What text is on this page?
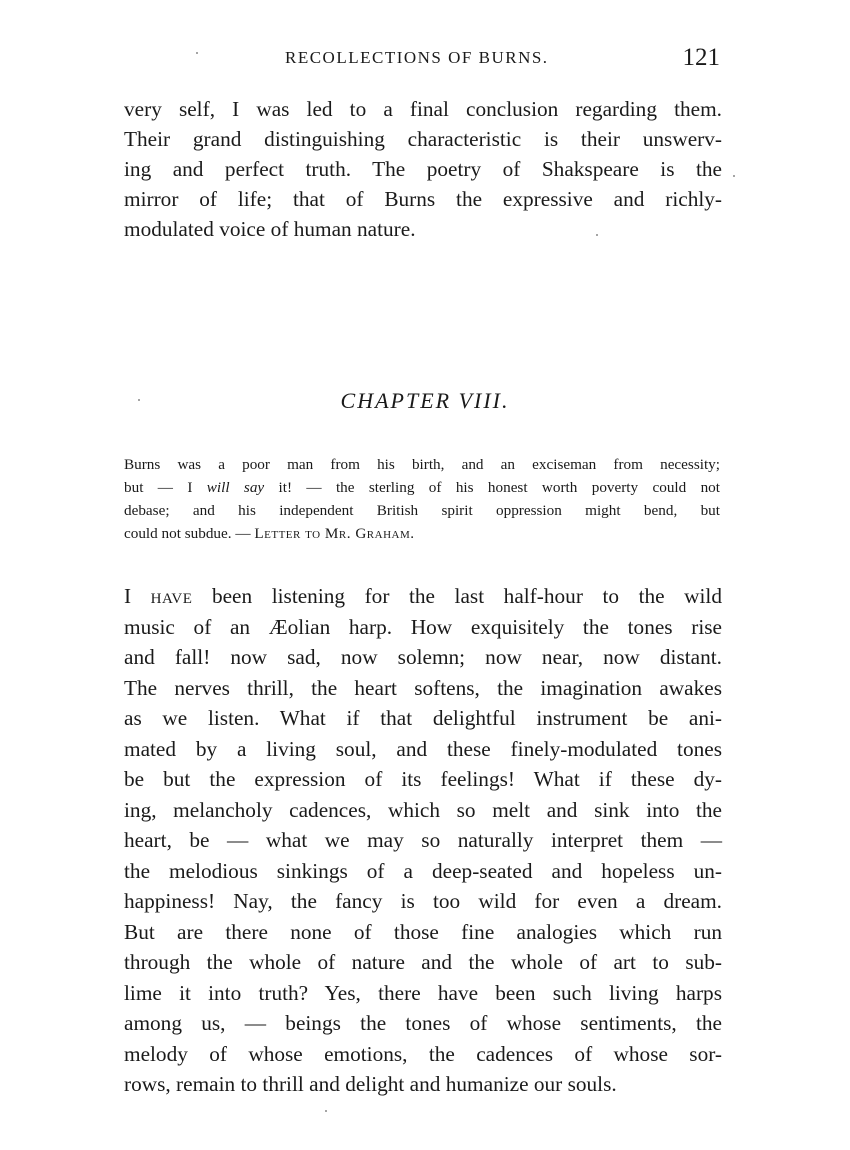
RECOLLECTIONS OF BURNS.	121
very self, I was led to a final conclusion regarding them.
Their grand distinguishing characteristic is their unswerv-
ing and perfect truth. The poetry of Shakspeare is the
mirror of life; that of Burns the expressive and richly-
modulated voice of human nature.
CHAPTER VIII.
Burns was a poor man from his birth, and an exciseman from necessity;
but — I will say it! — the sterling of his honest worth poverty could not
debase; and his independent British spirit oppression might bend, but
could not subdue. — Letter to Mr. Graham.
I have been listening for the last half-hour to the wild
music of an Æolian harp. How exquisitely the tones rise
and fall! now sad, now solemn; now near, now distant.
The nerves thrill, the heart softens, the imagination awakes
as we listen. What if that delightful instrument be ani-
mated by a living soul, and these finely-modulated tones
be but the expression of its feelings! What if these dy-
ing, melancholy cadences, which so melt and sink into the
heart, be — what we may so naturally interpret them —
the melodious sinkings of a deep-seated and hopeless un-
happiness! Nay, the fancy is too wild for even a dream.
But are there none of those fine analogies which run
through the whole of nature and the whole of art to sub-
lime it into truth? Yes, there have been such living harps
among us, — beings the tones of whose sentiments, the
melody of whose emotions, the cadences of whose sor-
rows, remain to thrill and delight and humanize our souls.
